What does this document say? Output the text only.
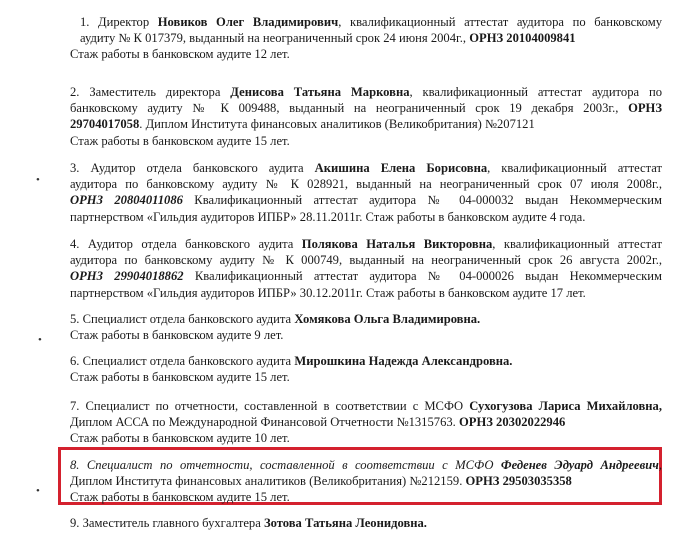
1. Директор Новиков Олег Владимирович, квалификационный аттестат аудитора по банковскому
аудиту № К 017379, выданный на неограниченный срок 24 июня 2004г., ОРНЗ 20104009841
Стаж работы в банковском аудите 12 лет.
2. Заместитель директора Денисова Татьяна Марковна, квалификационный аттестат аудитора по
банковскому аудиту № К 009488, выданный на неограниченный срок 19 декабря 2003г., ОРНЗ
29704017058. Диплом Института финансовых аналитиков (Великобритания) №207121
Стаж работы в банковском аудите 15 лет.
3. Аудитор отдела банковского аудита Акишина Елена Борисовна, квалификационный аттестат
аудитора по банковскому аудиту № К 028921, выданный на неограниченный срок 07 июля 2008г.,
ОРНЗ 20804011086 Квалификационный аттестат аудитора № 04-000032 выдан Некоммерческим
партнерством «Гильдия аудиторов ИПБР» 28.11.2011г. Стаж работы в банковском аудите 4 года.
4. Аудитор отдела банковского аудита Полякова Наталья Викторовна, квалификационный аттестат
аудитора по банковскому аудиту № К 000749, выданный на неограниченный срок 26 августа 2002г.,
ОРНЗ 29904018862 Квалификационный аттестат аудитора № 04-000026 выдан Некоммерческим
партнерством «Гильдия аудиторов ИПБР» 30.12.2011г. Стаж работы в банковском аудите 17 лет.
5. Специалист отдела банковского аудита Хомякова Ольга Владимировна.
Стаж работы в банковском аудите 9 лет.
6. Специалист отдела банковского аудита Мирошкина Надежда Александровна.
Стаж работы в банковском аудите 15 лет.
7. Специалист по отчетности, составленной в соответствии с МСФО Сухогузова Лариса Михайловна,
Диплом АССА по Международной Финансовой Отчетности №1315763. ОРНЗ 20302022946
Стаж работы в банковском аудите 10 лет.
8. Специалист по отчетности, составленной в соответствии с МСФО Феденев Эдуард Андреевич,
Диплом Института финансовых аналитиков (Великобритания) №212159. ОРНЗ 29503035358
Стаж работы в банковском аудите 15 лет.
9. Заместитель главного бухгалтера Зотова Татьяна Леонидовна.
•
•
•
